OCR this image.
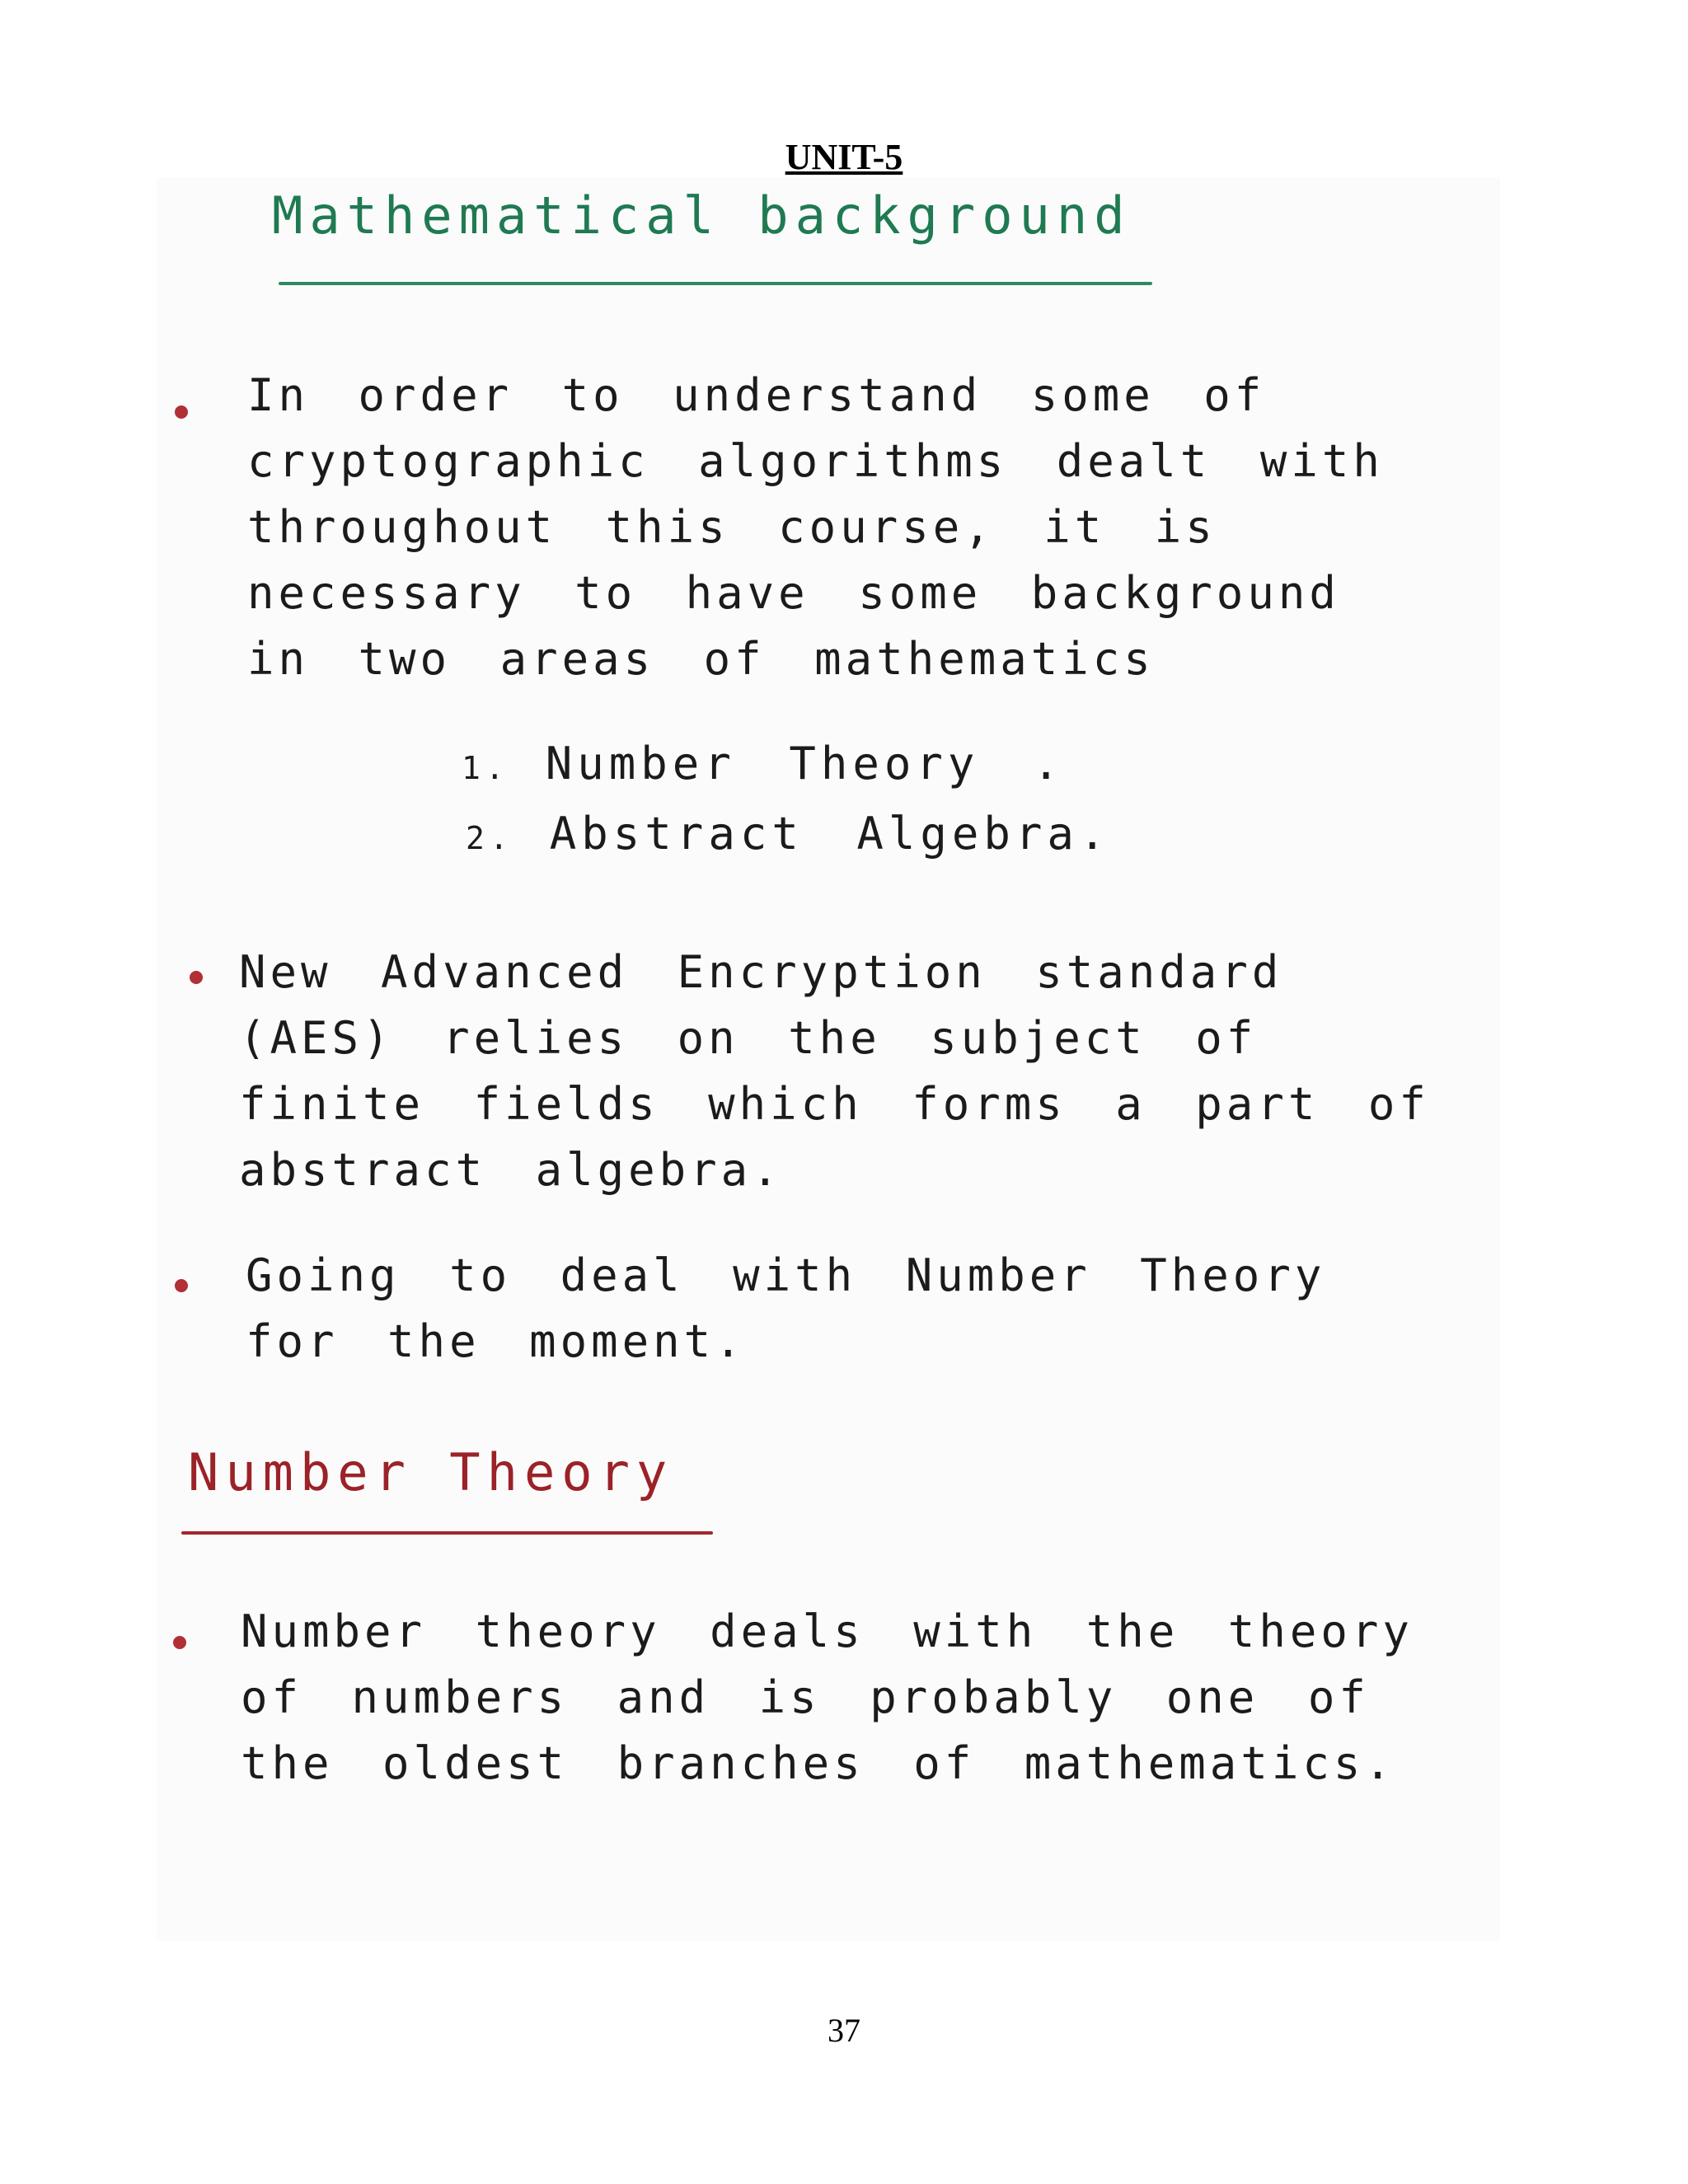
UNIT-5
Mathematical background
In order to understand some of cryptographic algorithms dealt with throughout this course, it is necessary to have some background in two areas of mathematics
1. Number Theory .
2. Abstract Algebra.
New Advanced Encryption standard (AES) relies on the subject of finite fields which forms a part of abstract algebra.
Going to deal with Number Theory for the moment.
Number Theory
Number theory deals with the theory of numbers and is probably one of the oldest branches of mathematics.
37
